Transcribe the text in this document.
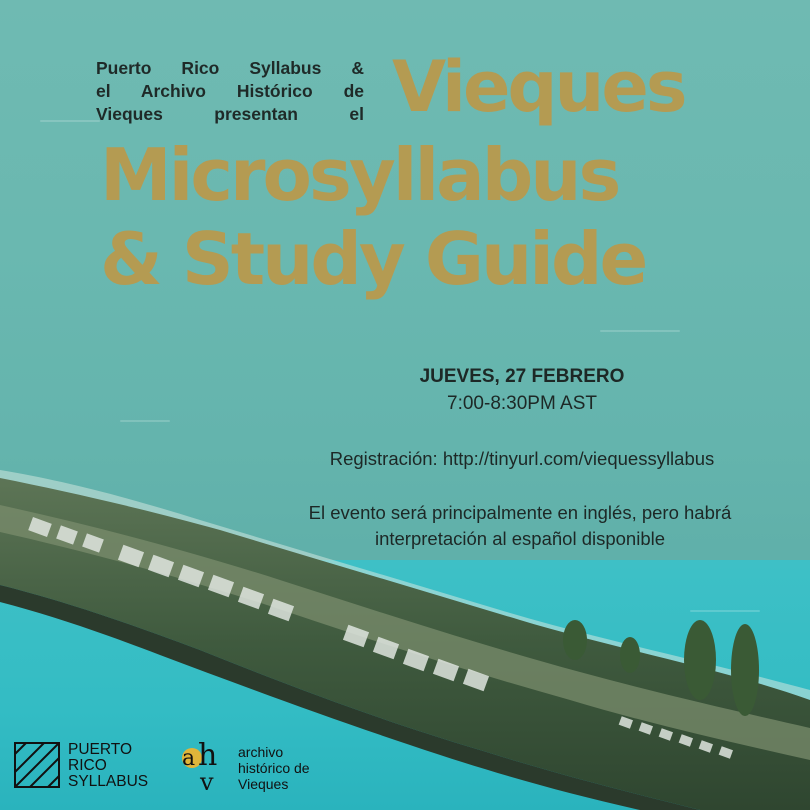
Puerto Rico Syllabus &
el Archivo Histórico de
Vieques presentan el Vieques
Microsyllabus
& Study Guide
JUEVES, 27 FEBRERO
7:00-8:30PM AST
Registración: http://tinyurl.com/viequessyllabus
El evento será principalmente en inglés, pero habrá
interpretación al español disponible
PUERTO
RICO
SYLLABUS
a h
v
archivo
histórico de
Vieques
